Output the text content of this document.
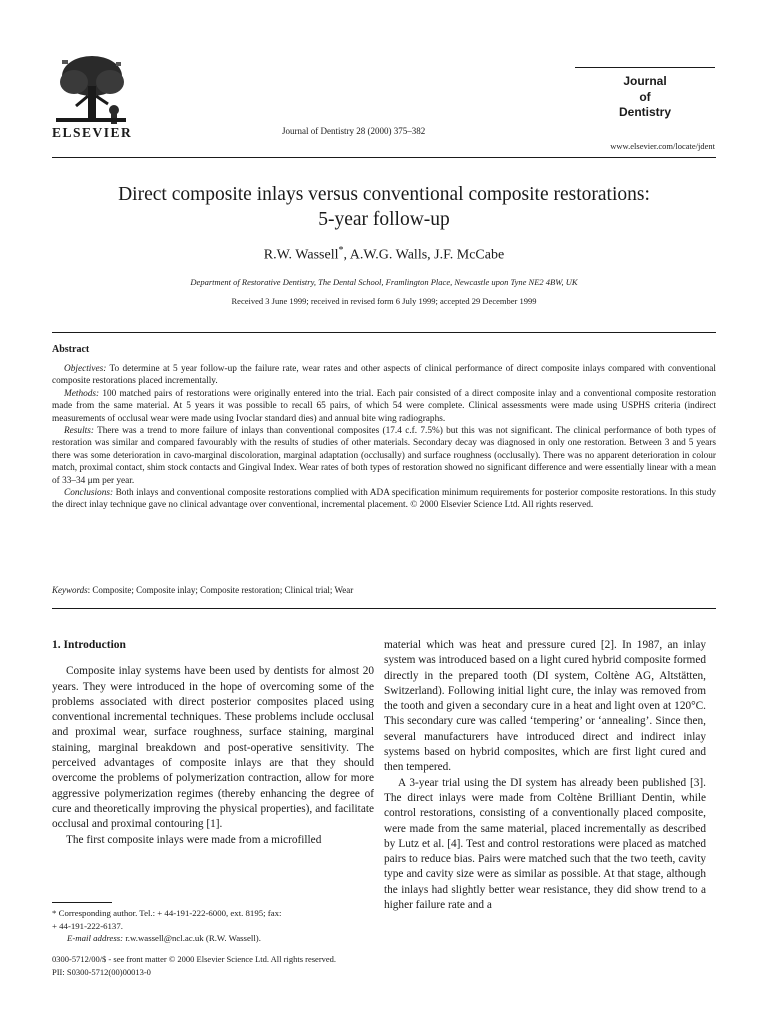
ELSEVIER	Journal of Dentistry 28 (2000) 375–382
Journal
of
Dentistry
www.elsevier.com/locate/jdent
Direct composite inlays versus conventional composite restorations:
5-year follow-up
R.W. Wassell*, A.W.G. Walls, J.F. McCabe
Department of Restorative Dentistry, The Dental School, Framlington Place, Newcastle upon Tyne NE2 4BW, UK
Received 3 June 1999; received in revised form 6 July 1999; accepted 29 December 1999
Abstract

Objectives: To determine at 5 year follow-up the failure rate, wear rates and other aspects of clinical performance of direct composite inlays compared with conventional composite restorations placed incrementally.

Methods: 100 matched pairs of restorations were originally entered into the trial. Each pair consisted of a direct composite inlay and a conventional composite restoration made from the same material. At 5 years it was possible to recall 65 pairs, of which 54 were complete. Clinical assessments were made using USPHS criteria (indirect measurements of occlusal wear were made using Ivoclar standard dies) and annual bite wing radiographs.

Results: There was a trend to more failure of inlays than conventional composites (17.4 c.f. 7.5%) but this was not significant. The clinical performance of both types of restoration was similar and compared favourably with the results of studies of other materials. Secondary decay was diagnosed in only one restoration. Between 3 and 5 years there was some deterioration in cavo-marginal discoloration, marginal adaptation (occlusally) and surface roughness (occlusally). There was no apparent deterioration in colour match, proximal contact, shim stock contacts and Gingival Index. Wear rates of both types of restoration showed no significant difference and were essentially linear with a mean of 33–34 μm per year.

Conclusions: Both inlays and conventional composite restorations complied with ADA specification minimum requirements for posterior composite restorations. In this study the direct inlay technique gave no clinical advantage over conventional, incremental placement. © 2000 Elsevier Science Ltd. All rights reserved.

Keywords: Composite; Composite inlay; Composite restoration; Clinical trial; Wear

1. Introduction

Composite inlay systems have been used by dentists for almost 20 years. They were introduced in the hope of overcoming some of the problems associated with direct posterior composites placed using conventional incremental techniques. These problems include occlusal and proximal wear, surface roughness, surface staining, marginal staining, marginal breakdown and post-operative sensitivity. The perceived advantages of composite inlays are that they should overcome the problems of polymerization contraction, allow for more aggressive polymerization regimes (thereby enhancing the degree of cure and theoretically improving the physical properties), and facilitate occlusal and proximal contouring [1].

The first composite inlays were made from a microfilled

material which was heat and pressure cured [2]. In 1987, an inlay system was introduced based on a light cured hybrid composite formed directly in the prepared tooth (DI system, Coltène AG, Altstätten, Switzerland). Following initial light cure, the inlay was removed from the tooth and given a secondary cure in a heat and light oven at 120°C. This secondary cure was called ‘tempering’ or ‘annealing’. Since then, several manufacturers have introduced direct and indirect inlay systems based on hybrid composites, which are first light cured and then tempered.

A 3-year trial using the DI system has already been published [3]. The direct inlays were made from Coltène Brilliant Dentin, while control restorations, consisting of a conventionally placed composite, were made from the same material, placed incrementally as described by Lutz et al. [4]. Test and control restorations were placed as matched pairs to reduce bias. Pairs were matched such that the two teeth, cavity type and cavity size were as similar as possible. At that stage, although the inlays had slightly better wear resistance, they did show trend to a higher failure rate and a

* Corresponding author. Tel.: + 44-191-222-6000, ext. 8195; fax:

+ 44-191-222-6137.

E-mail address: r.w.wassell@ncl.ac.uk (R.W. Wassell).

0300-5712/00/$ - see front matter © 2000 Elsevier Science Ltd. All rights reserved.

PII: S0300-5712(00)00013-0
